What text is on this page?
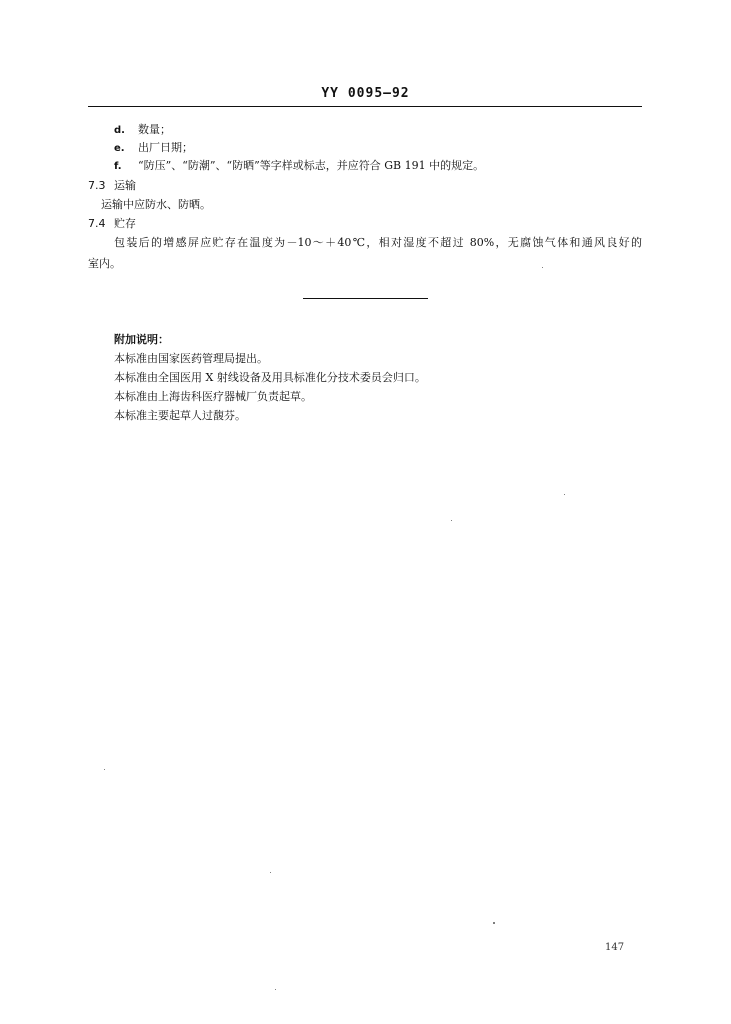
YY 0095—92
d. 数量；
e. 出厂日期；
f. “防压”、“防潮”、“防晒”等字样或标志，并应符合 GB 191 中的规定。
7.3 运输
运输中应防水、防晒。
7.4 贮存
包装后的增感屏应贮存在温度为－10～＋40℃，相对湿度不超过 80%，无腐蚀气体和通风良好的
室内。
附加说明：
本标准由国家医药管理局提出。
本标准由全国医用 X 射线设备及用具标准化分技术委员会归口。
本标准由上海齿科医疗器械厂负责起草。
本标准主要起草人过馥芬。
147
